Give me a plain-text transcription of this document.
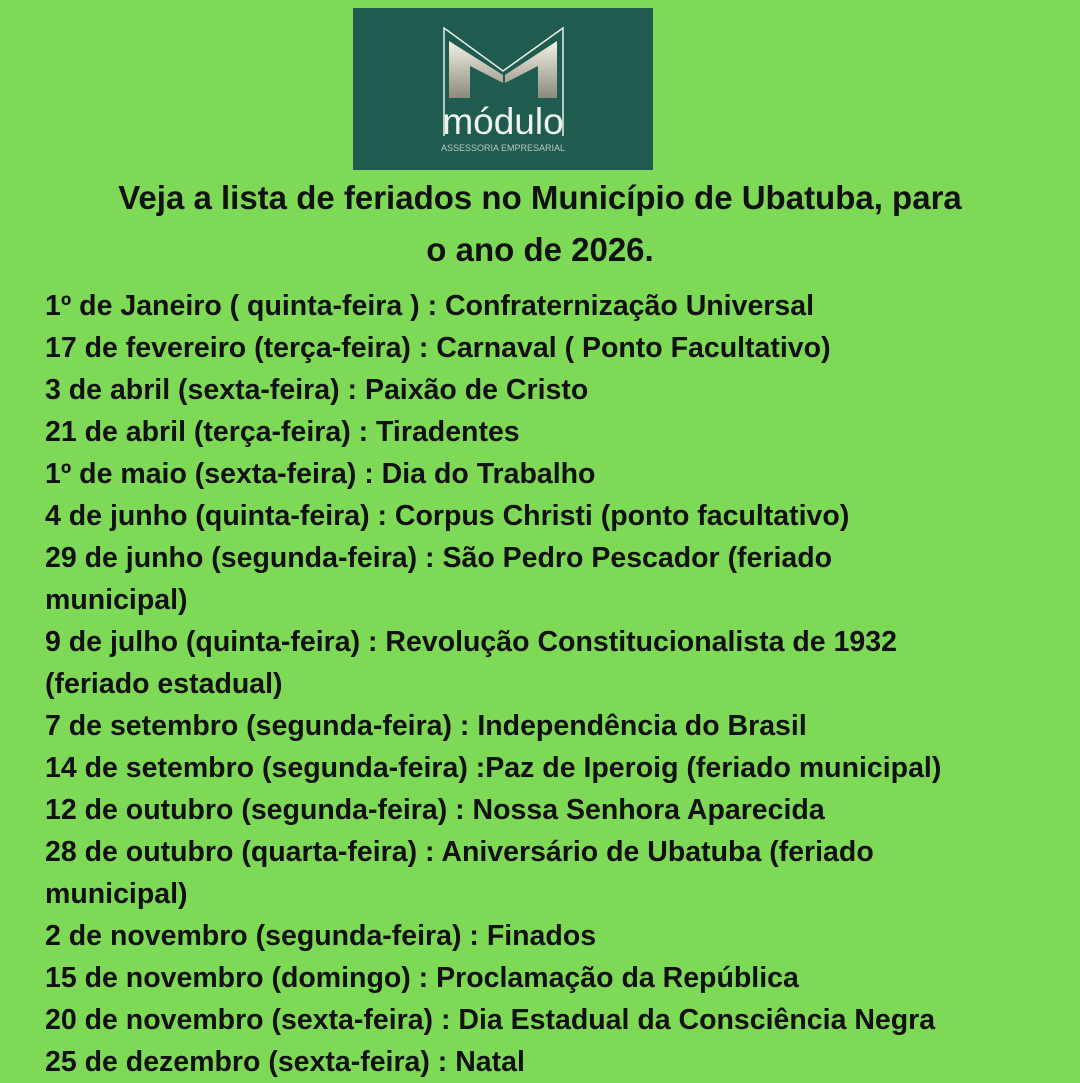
módulo
ASSESSORIA EMPRESARIAL
Veja a lista de feriados no Município de Ubatuba, para
o ano de 2026.
1º de Janeiro ( quinta-feira ) : Confraternização Universal
17 de fevereiro (terça-feira) : Carnaval ( Ponto Facultativo)
3 de abril (sexta-feira) : Paixão de Cristo
21 de abril (terça-feira) : Tiradentes
1º de maio (sexta-feira) : Dia do Trabalho
4 de junho (quinta-feira) : Corpus Christi (ponto facultativo)
29 de junho (segunda-feira) : São Pedro Pescador (feriado
municipal)
9 de julho (quinta-feira) : Revolução Constitucionalista de 1932
(feriado estadual)
7 de setembro (segunda-feira) : Independência do Brasil
14 de setembro (segunda-feira) :Paz de Iperoig (feriado municipal)
12 de outubro (segunda-feira) : Nossa Senhora Aparecida
28 de outubro (quarta-feira) : Aniversário de Ubatuba (feriado
municipal)
2 de novembro (segunda-feira) : Finados
15 de novembro (domingo) : Proclamação da República
20 de novembro (sexta-feira) : Dia Estadual da Consciência Negra
25 de dezembro (sexta-feira) : Natal
